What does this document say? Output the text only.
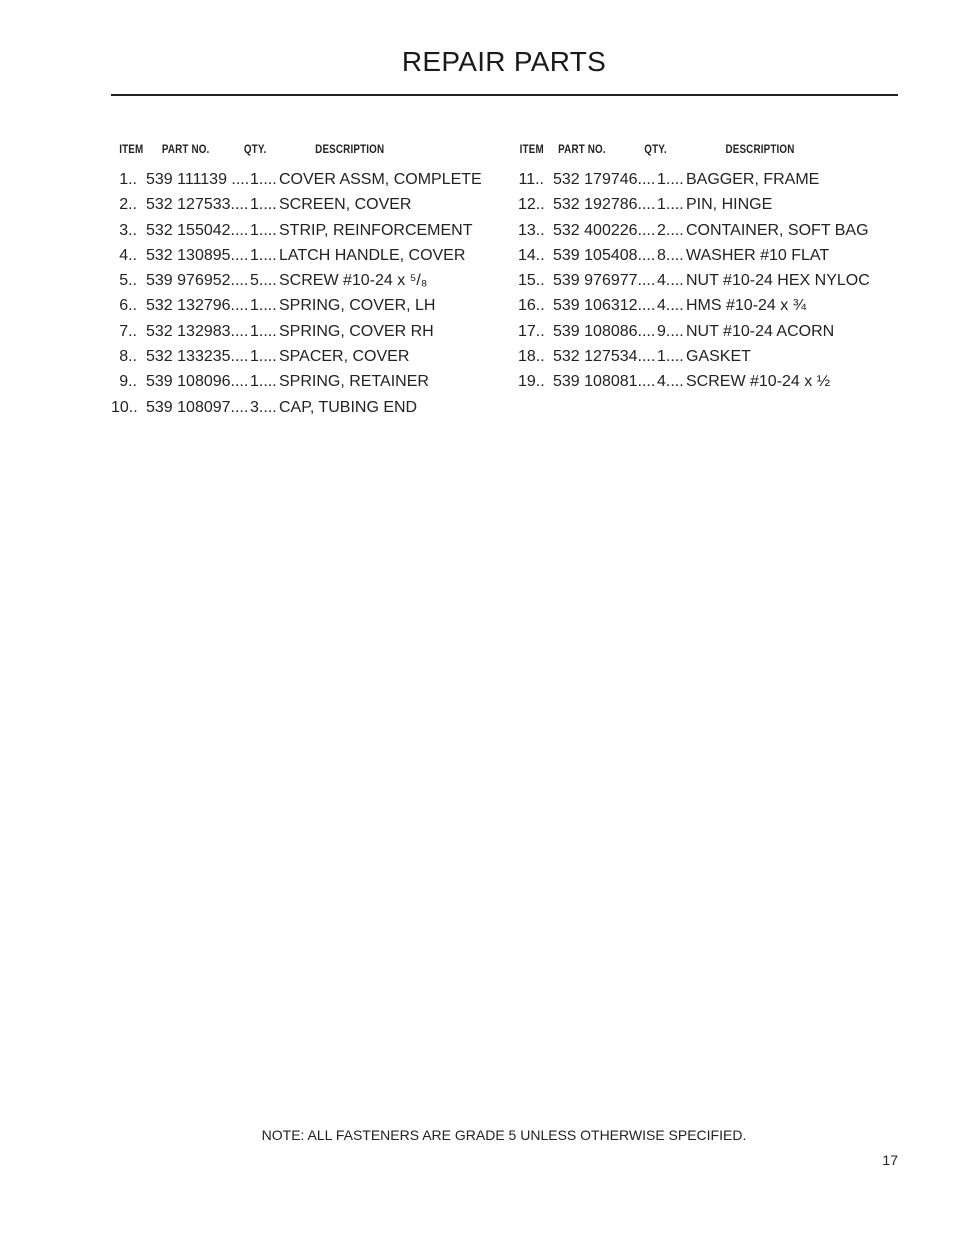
REPAIR PARTS
ITEM PART NO.	QTY.	DESCRIPTION
1.. 539 111139 .... 1.... COVER ASSM, COMPLETE
2.. 532 127533.... 1.... SCREEN, COVER
3.. 532 155042.... 1.... STRIP, REINFORCEMENT
4.. 532 130895.... 1.... LATCH HANDLE, COVER
5.. 539 976952.... 5.... SCREW #10-24 x ⁵/₈
6.. 532 132796.... 1.... SPRING, COVER, LH
7.. 532 132983.... 1.... SPRING, COVER RH
8.. 532 133235.... 1.... SPACER, COVER
9.. 539 108096.... 1.... SPRING, RETAINER
10.. 539 108097.... 3.... CAP, TUBING END
ITEM PART NO.	QTY.	DESCRIPTION
11.. 532 179746.... 1.... BAGGER, FRAME
12.. 532 192786.... 1.... PIN, HINGE
13.. 532 400226.... 2.... CONTAINER, SOFT BAG
14.. 539 105408.... 8.... WASHER #10 FLAT
15.. 539 976977.... 4.... NUT #10-24 HEX NYLOC
16.. 539 106312.... 4.... HMS #10-24 x ¾
17.. 539 108086.... 9.... NUT #10-24 ACORN
18.. 532 127534.... 1.... GASKET
19.. 539 108081.... 4.... SCREW #10-24 x ½
NOTE: ALL FASTENERS ARE GRADE 5 UNLESS OTHERWISE SPECIFIED.
17
